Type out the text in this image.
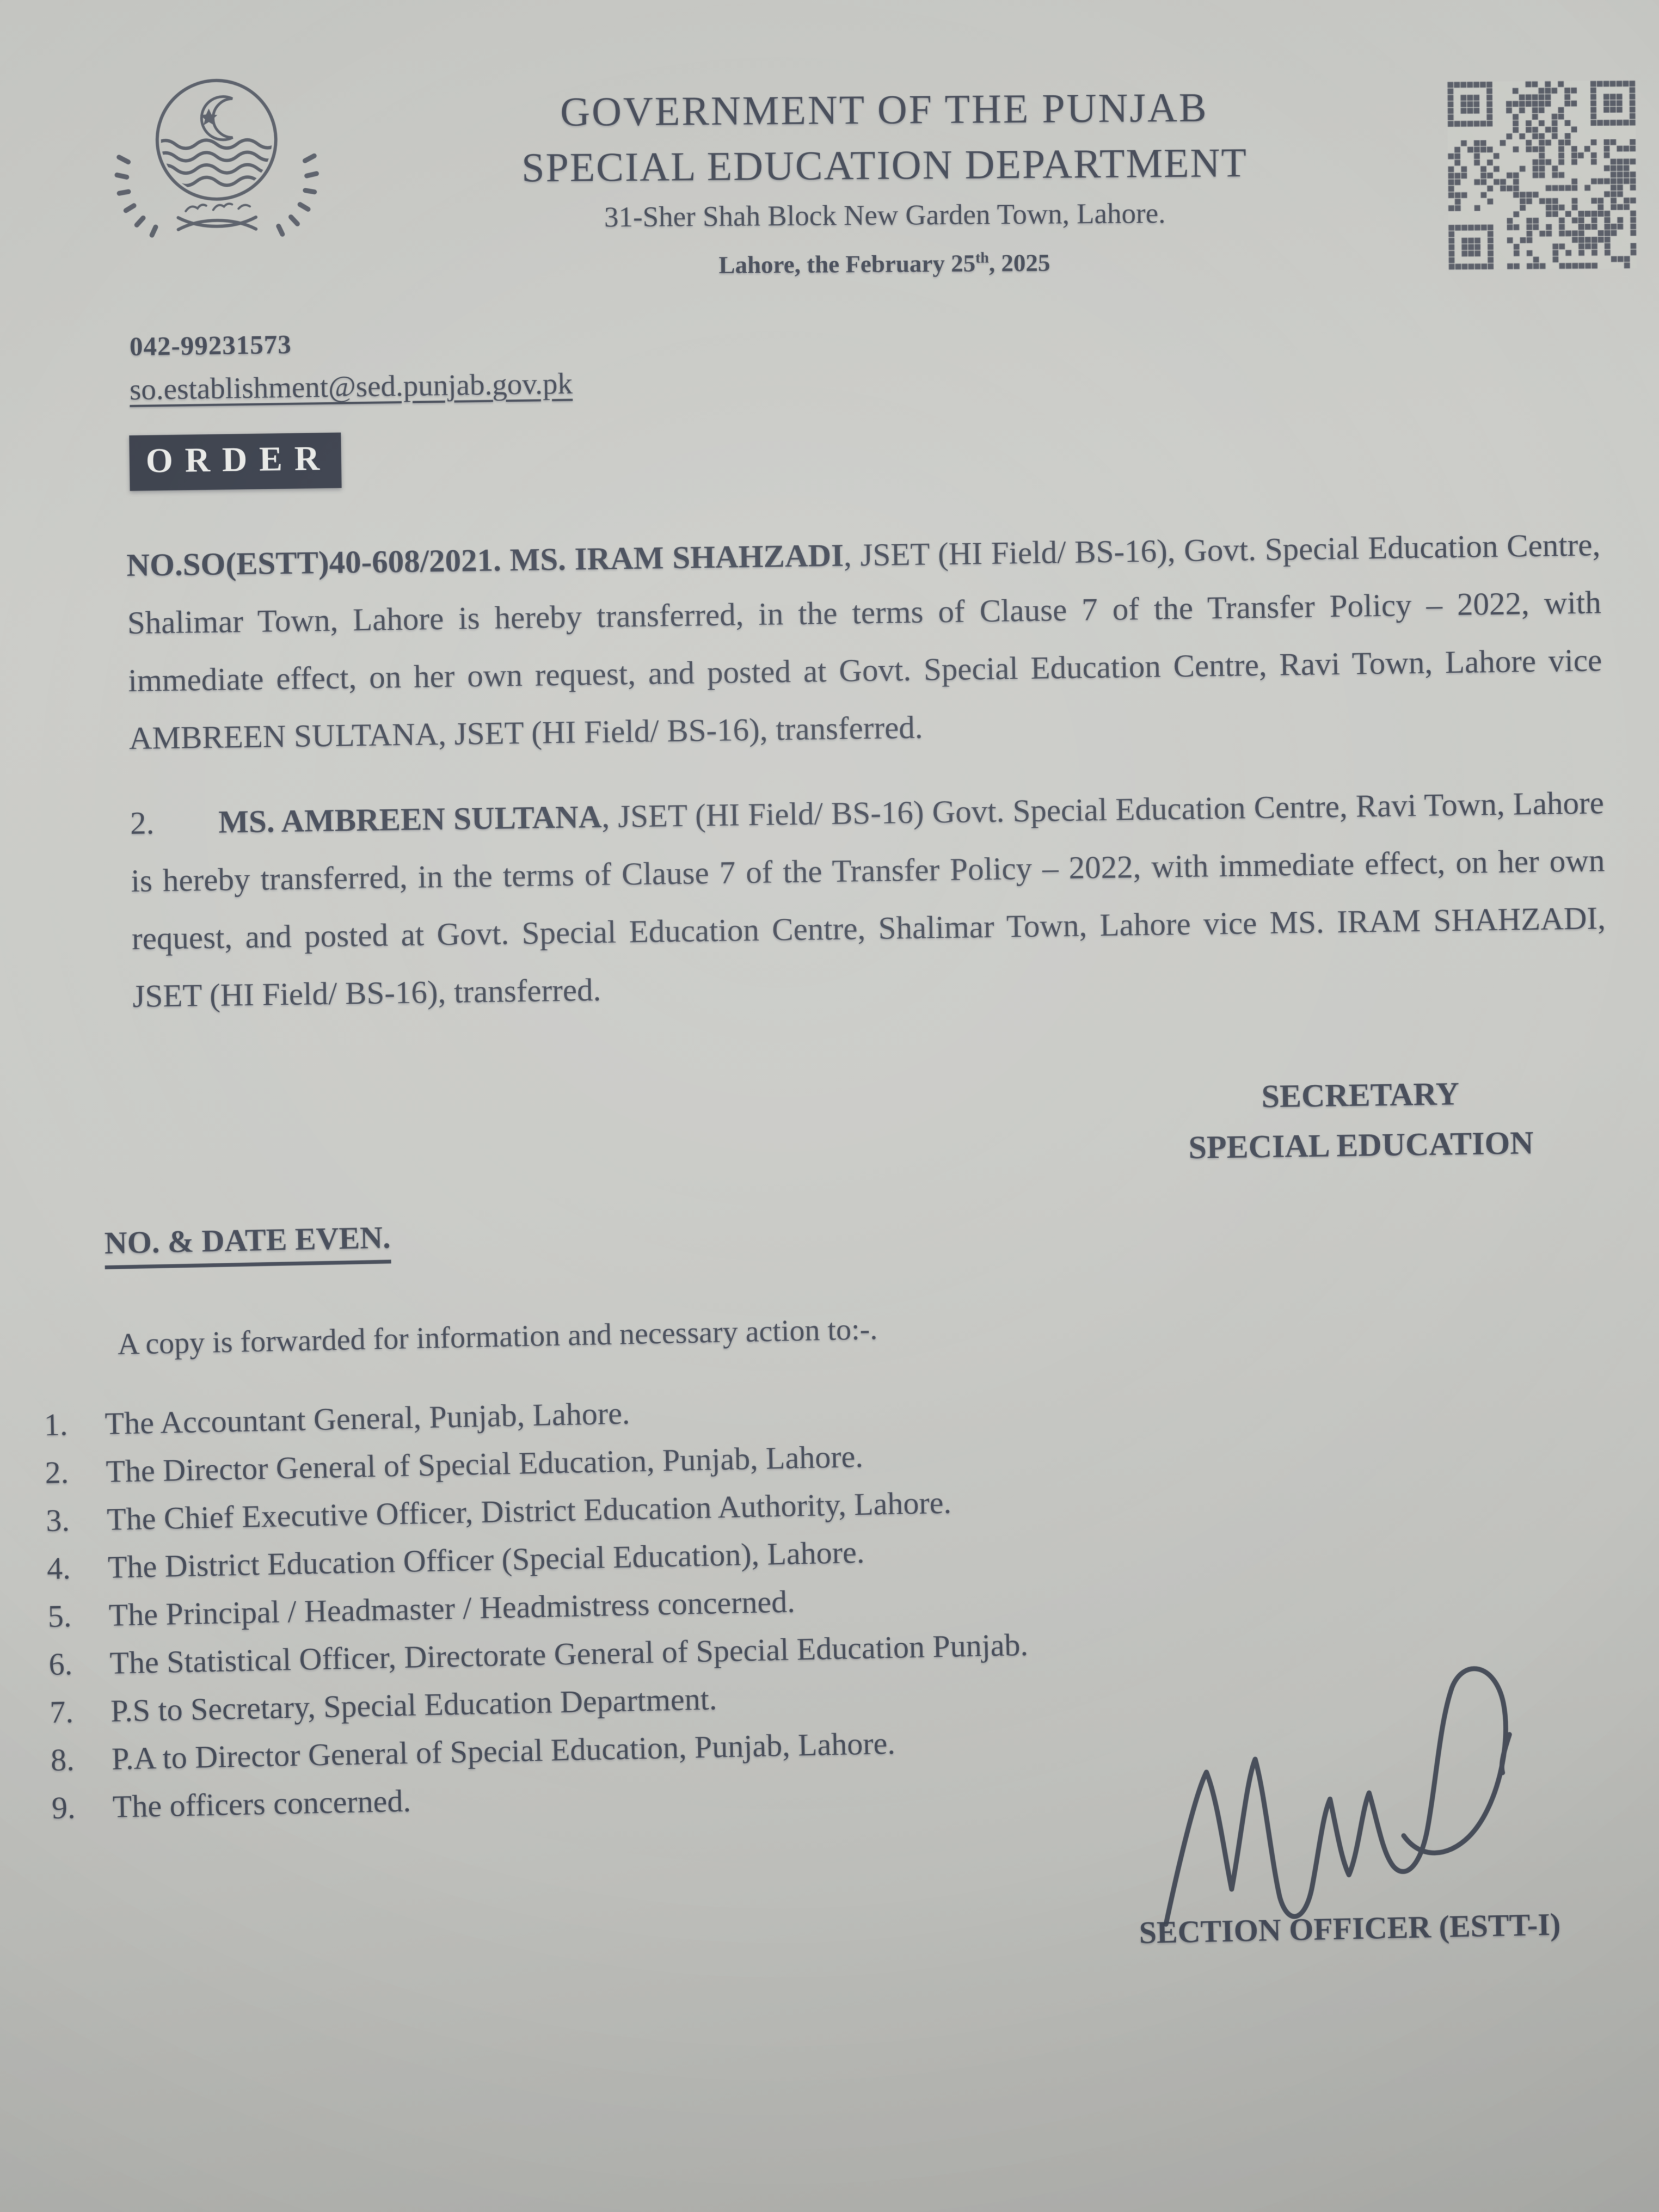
GOVERNMENT OF THE PUNJAB
SPECIAL EDUCATION DEPARTMENT
31-Sher Shah Block New Garden Town, Lahore.
Lahore, the February 25th, 2025
042-99231573
so.establishment@sed.punjab.gov.pk
ORDER

NO.SO(ESTT)40-608/2021. MS. IRAM SHAHZADI, JSET (HI Field/ BS-16), Govt. Special Education Centre, Shalimar Town, Lahore is hereby transferred, in the terms of Clause 7 of the Transfer Policy – 2022, with immediate effect, on her own request, and posted at Govt. Special Education Centre, Ravi Town, Lahore vice AMBREEN SULTANA, JSET (HI Field/ BS-16), transferred.

2. MS. AMBREEN SULTANA, JSET (HI Field/ BS-16) Govt. Special Education Centre, Ravi Town, Lahore is hereby transferred, in the terms of Clause 7 of the Transfer Policy – 2022, with immediate effect, on her own request, and posted at Govt. Special Education Centre, Shalimar Town, Lahore vice MS. IRAM SHAHZADI, JSET (HI Field/ BS-16), transferred.

SECRETARY
SPECIAL EDUCATION
NO. & DATE EVEN.
A copy is forwarded for information and necessary action to:-.
1.	The Accountant General, Punjab, Lahore.
2.	The Director General of Special Education, Punjab, Lahore.
3.	The Chief Executive Officer, District Education Authority, Lahore.
4.	The District Education Officer (Special Education), Lahore.
5.	The Principal / Headmaster / Headmistress concerned.
6.	The Statistical Officer, Directorate General of Special Education Punjab.
7.	P.S to Secretary, Special Education Department.
8.	P.A to Director General of Special Education, Punjab, Lahore.
9.	The officers concerned.
SECTION OFFICER (ESTT-I)
